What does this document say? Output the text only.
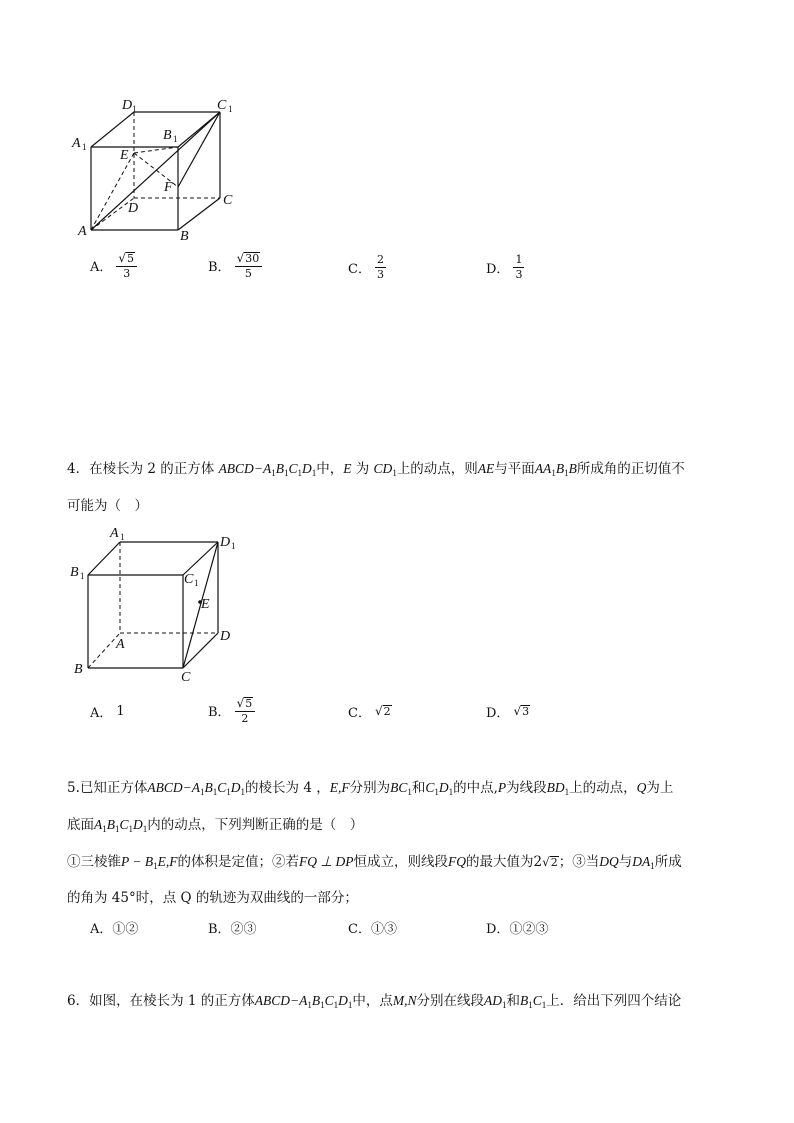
D 1	C 1
A 1
B 1
E
F
D
C
A	B
A． $\frac{√ 5}{3}$	B． $\frac{√ 30}{5}$	C． $\frac{2}{3}$	D． $\frac{1}{3}$
4．在棱长为 2 的正方体 $ABCD-A_1B_1C_1D_1$中，E 为 $CD_1$上的动点，则AE与平面$AA_1B_1B$所成角的正切值不
可能为（　）
A 1	D 1
B 1	C 1
E
D
A
B
C
A． 1	B． $\frac{√ 5}{2}$	C． √ 2	D． √ 3
5.已知正方体$ABCD-A_1B_1C_1D_1$的棱长为 4 ，E,F分别为$BC_1$和$C_1D_1$的中点,P为线段$BD_1$上的动点，Q为上
底面$A_1B_1C_1D_1$内的动点，下列判断正确的是（　）
①三棱锥$P - B_1E,F$的体积是定值；②若FQ ⊥ DP恒成立，则线段FQ的最大值为2 √ 2 ；③当DQ与$DA_1$所成
的角为 45°时，点 Q 的轨迹为双曲线的一部分；
A．①②	B．②③	C．①③	D．①②③
6．如图，在棱长为 1 的正方体$ABCD-A_1B_1C_1D_1$中，点M,N分别在线段$AD_1$和$B_1C_1$上．给出下列四个结论
